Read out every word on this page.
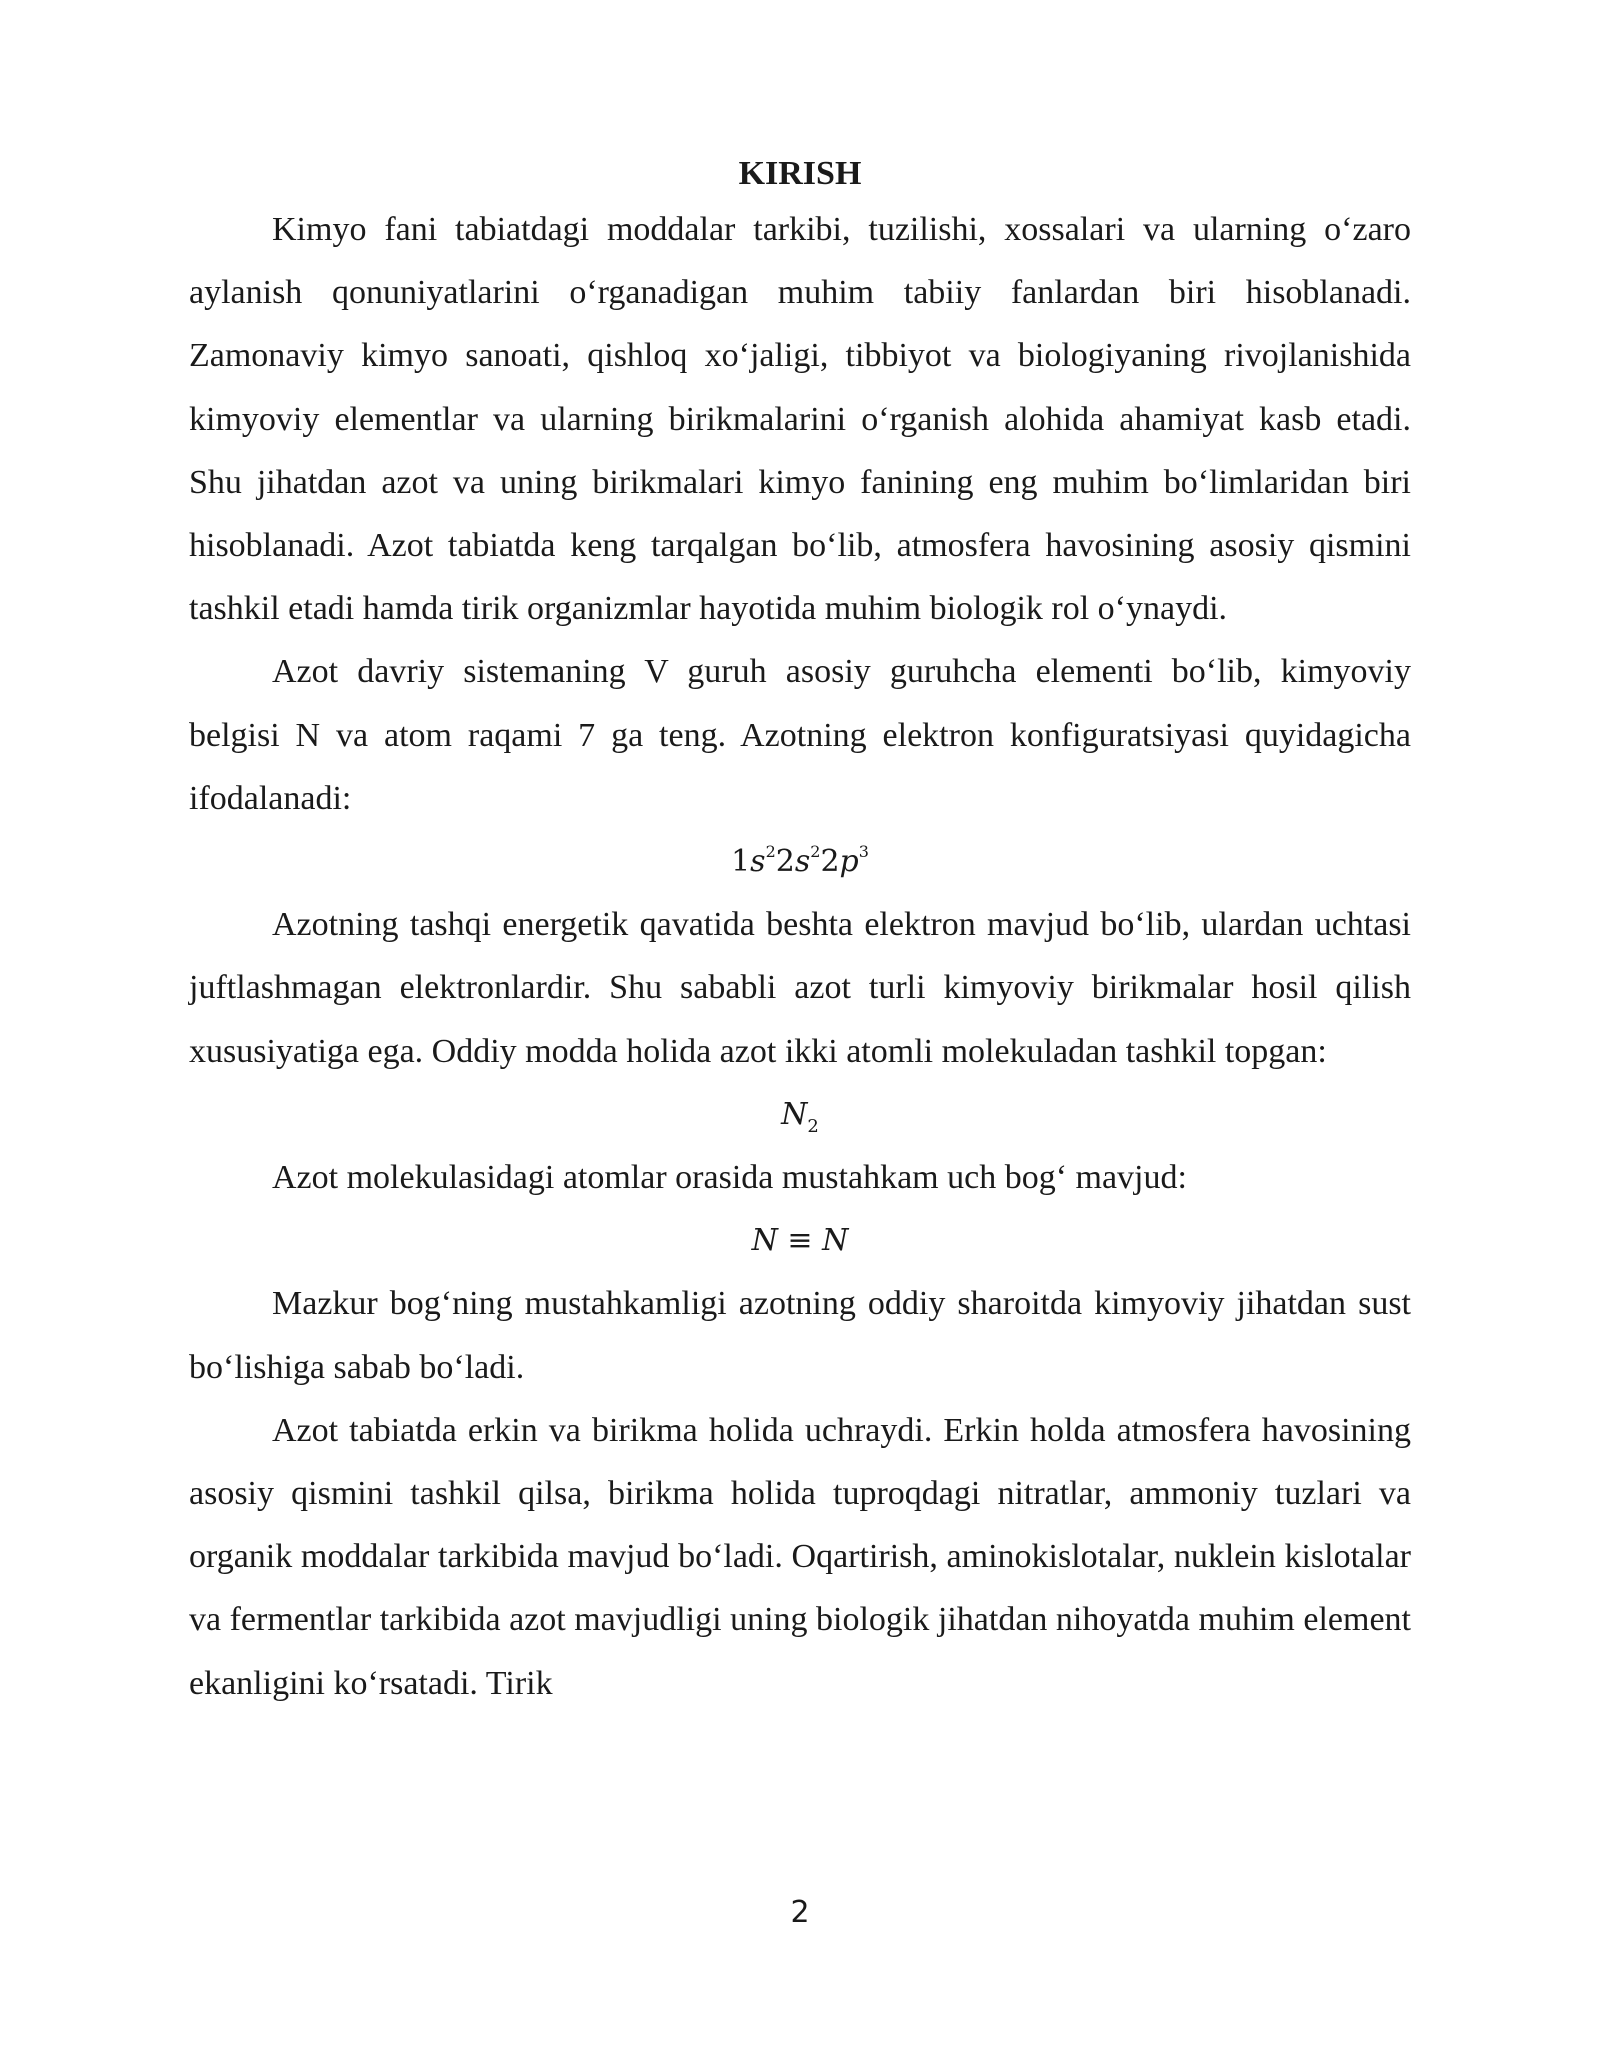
KIRISH

Kimyo fani tabiatdagi moddalar tarkibi, tuzilishi, xossalari va ularning o‘zaro aylanish qonuniyatlarini o‘rganadigan muhim tabiiy fanlardan biri hisoblanadi. Zamonaviy kimyo sanoati, qishloq xo‘jaligi, tibbiyot va biologiyaning rivojlanishida kimyoviy elementlar va ularning birikmalarini o‘rganish alohida ahamiyat kasb etadi. Shu jihatdan azot va uning birikmalari kimyo fanining eng muhim bo‘limlaridan biri hisoblanadi. Azot tabiatda keng tarqalgan bo‘lib, atmosfera havosining asosiy qismini tashkil etadi hamda tirik organizmlar hayotida muhim biologik rol o‘ynaydi.

Azot davriy sistemaning V guruh asosiy guruhcha elementi bo‘lib, kimyoviy belgisi N va atom raqami 7 ga teng. Azotning elektron konfiguratsiyasi quyidagicha ifodalanadi:

$1s^22s^22p^3$

Azotning tashqi energetik qavatida beshta elektron mavjud bo‘lib, ulardan uchtasi juftlashmagan elektronlardir. Shu sababli azot turli kimyoviy birikmalar hosil qilish xususiyatiga ega. Oddiy modda holida azot ikki atomli molekuladan tashkil topgan:

$N_2$

Azot molekulasidagi atomlar orasida mustahkam uch bog‘ mavjud:

N ≡ N

Mazkur bog‘ning mustahkamligi azotning oddiy sharoitda kimyoviy jihatdan sust bo‘lishiga sabab bo‘ladi.

Azot tabiatda erkin va birikma holida uchraydi. Erkin holda atmosfera havosining asosiy qismini tashkil qilsa, birikma holida tuproqdagi nitratlar, ammoniy tuzlari va organik moddalar tarkibida mavjud bo‘ladi. Oqartirish, aminokislotalar, nuklein kislotalar va fermentlar tarkibida azot mavjudligi uning biologik jihatdan nihoyatda muhim element ekanligini ko‘rsatadi. Tirik

2
